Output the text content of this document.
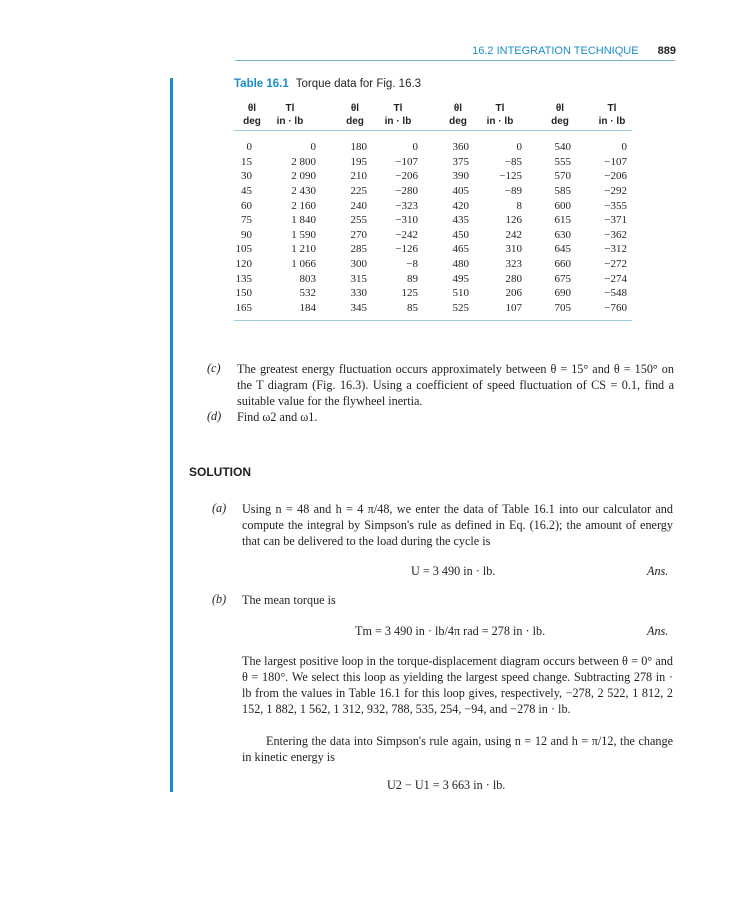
16.2 INTEGRATION TECHNIQUE 889
Table 16.1 Torque data for Fig. 16.3
θl
deg
Tl
in · lb
θl
deg
Tl
in · lb
θl
deg
Tl
in · lb
θl
deg
Tl
in · lb
0
15
30
45
60
75
90
105
120
135
150
165
0
2 800
2 090
2 430
2 160
1 840
1 590
1 210
1 066
803
532
184
180
195
210
225
240
255
270
285
300
315
330
345
0
−107
−206
−280
−323
−310
−242
−126
−8
89
125
85
360
375
390
405
420
435
450
465
480
495
510
525
0
−85
−125
−89
8
126
242
310
323
280
206
107
540
555
570
585
600
615
630
645
660
675
690
705
0
−107
−206
−292
−355
−371
−362
−312
−272
−274
−548
−760
(c) The greatest energy fluctuation occurs approximately between θ = 15° and θ = 150° on the T diagram (Fig. 16.3). Using a coefficient of speed fluctuation of CS = 0.1, find a suitable value for the flywheel inertia.
(d) Find ω2 and ω1.
SOLUTION
(a) Using n = 48 and h = 4 π/48, we enter the data of Table 16.1 into our calculator and compute the integral by Simpson's rule as defined in Eq. (16.2); the amount of energy that can be delivered to the load during the cycle is
U = 3 490 in · lb.	Ans.
(b) The mean torque is
Tm = 3 490 in · lb/4π rad = 278 in · lb.	Ans.
The largest positive loop in the torque-displacement diagram occurs between θ = 0° and θ = 180°. We select this loop as yielding the largest speed change. Subtracting 278 in · lb from the values in Table 16.1 for this loop gives, respectively, −278, 2 522, 1 812, 2 152, 1 882, 1 562, 1 312, 932, 788, 535, 254, −94, and −278 in · lb.
Entering the data into Simpson's rule again, using n = 12 and h = π/12, the change in kinetic energy is
U2 − U1 = 3 663 in · lb.
